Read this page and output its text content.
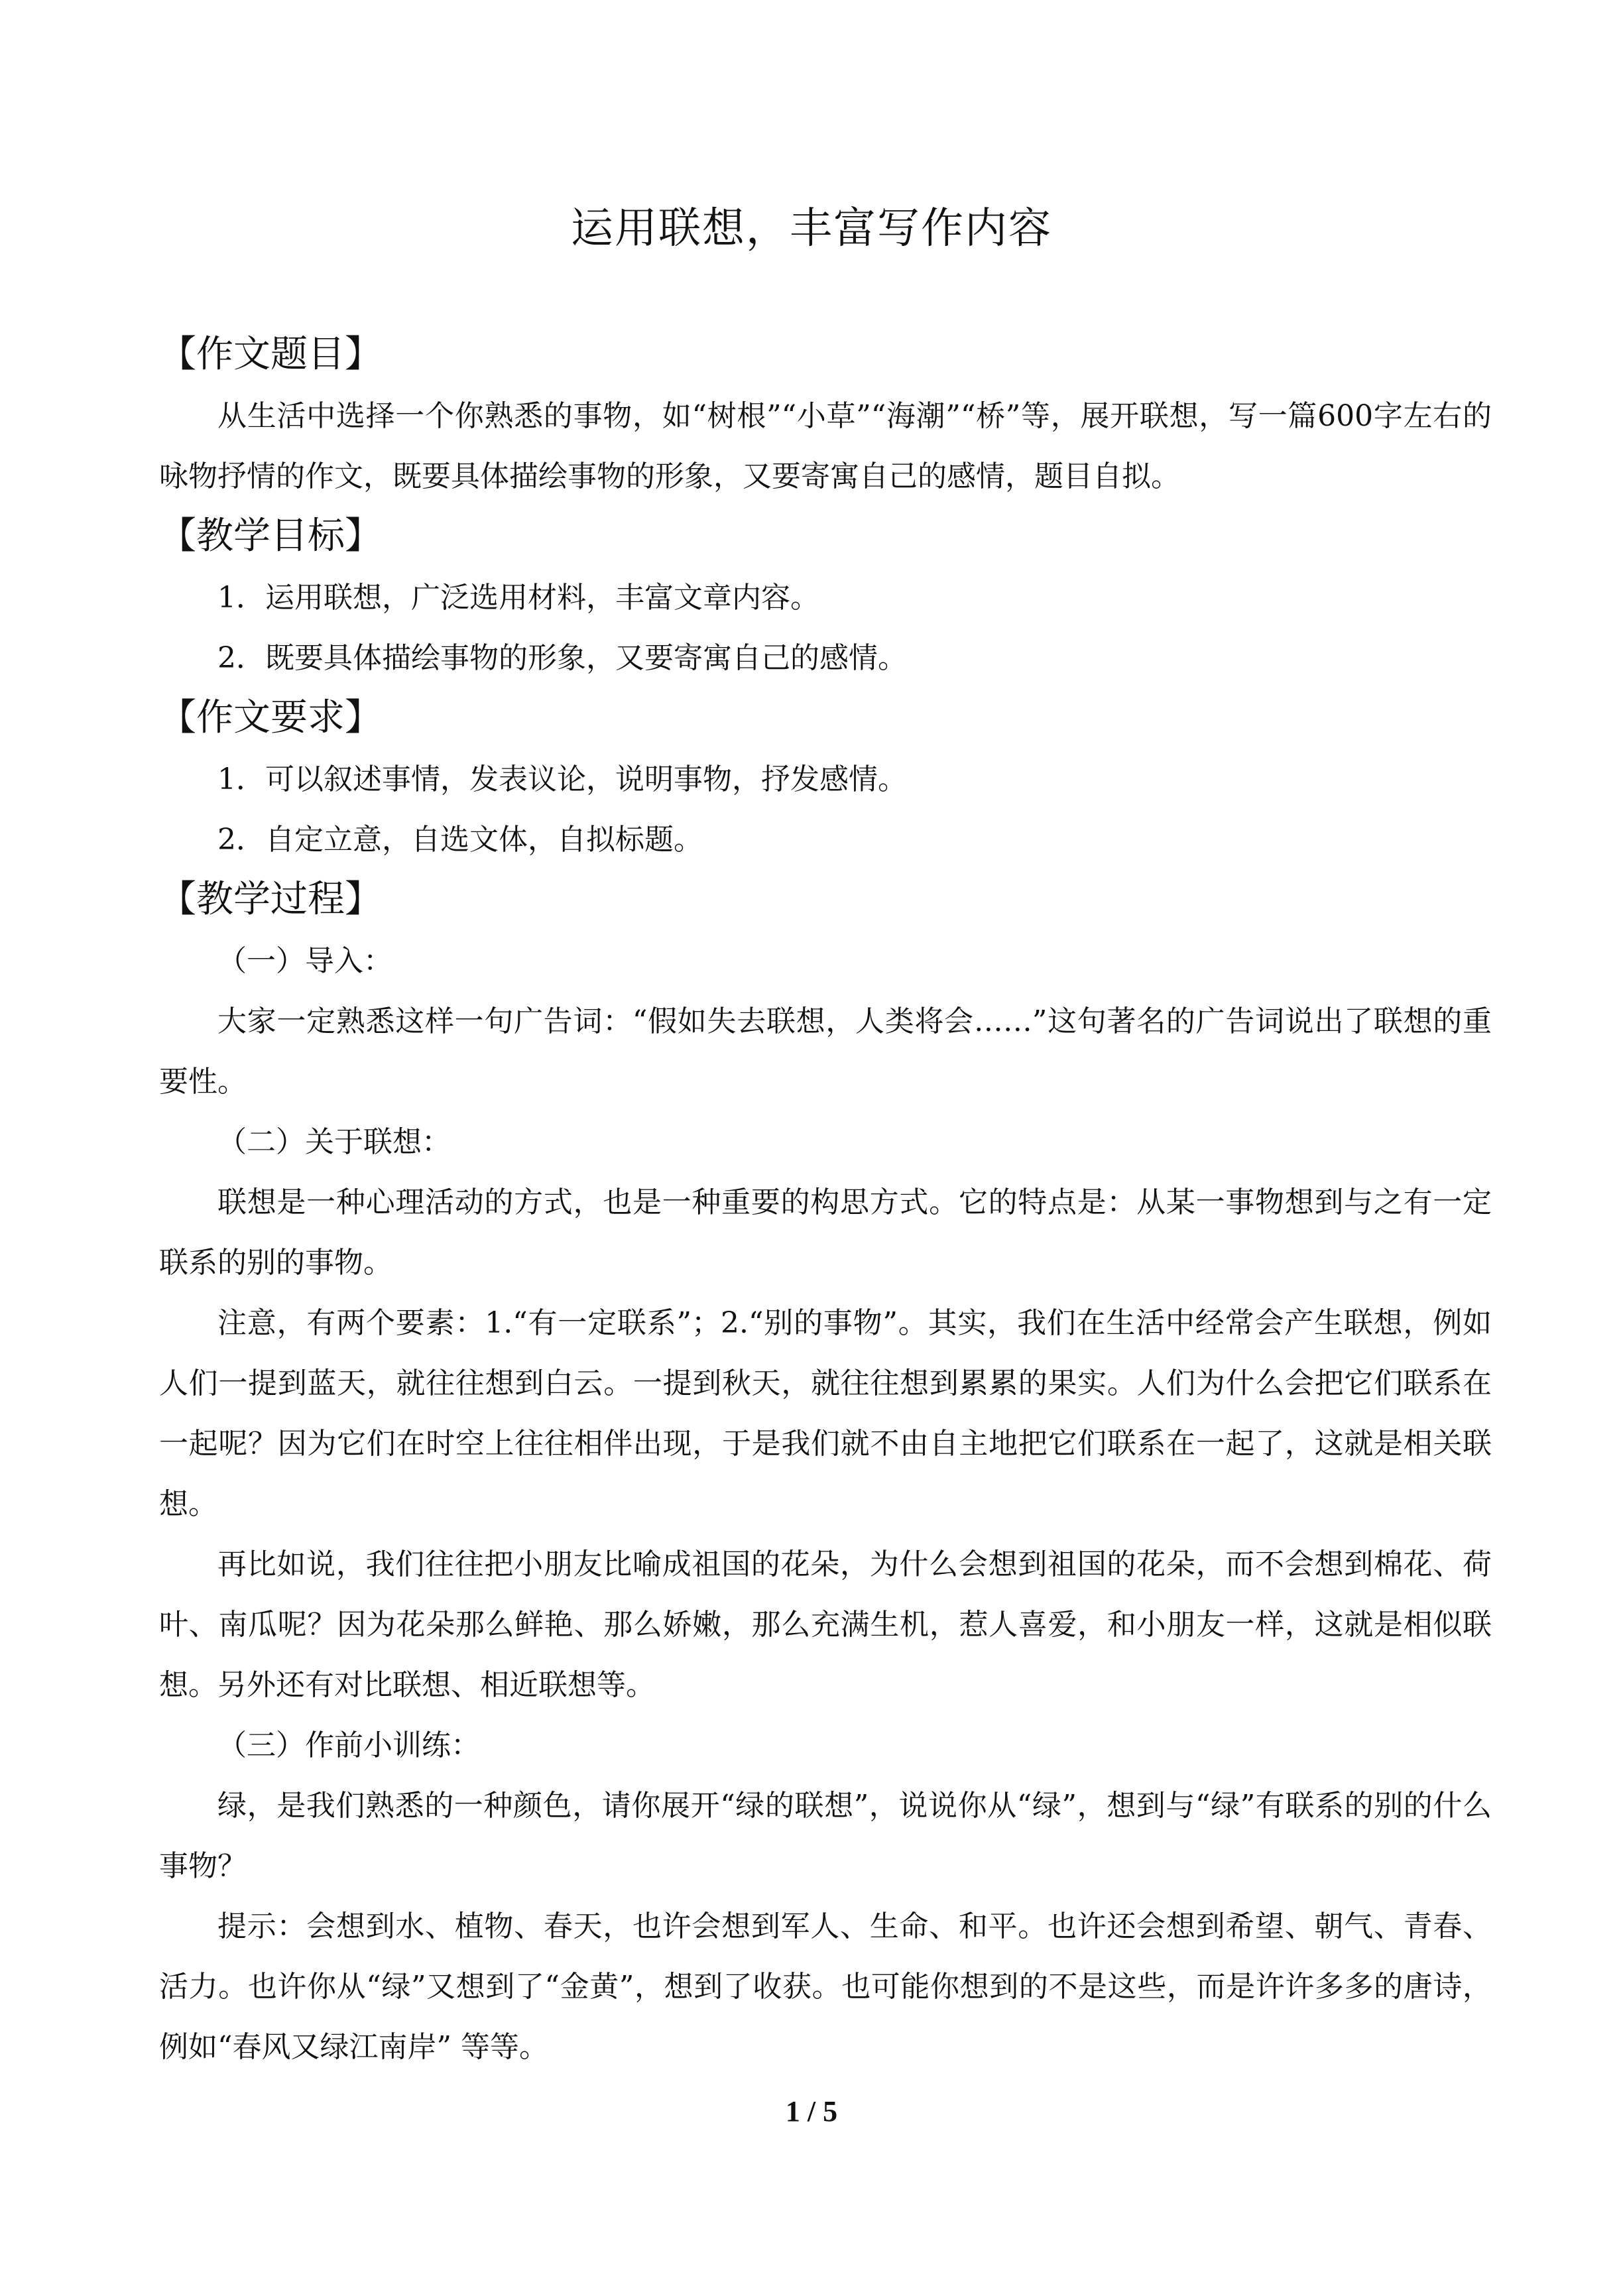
运用联想，丰富写作内容
【作文题目】

从生活中选择一个你熟悉的事物，如“树根”“小草”“海潮”“桥”等，展开联想，写一篇600字左右的咏物抒情的作文，既要具体描绘事物的形象，又要寄寓自己的感情，题目自拟。

【教学目标】

1．运用联想，广泛选用材料，丰富文章内容。

2．既要具体描绘事物的形象，又要寄寓自己的感情。

【作文要求】

1．可以叙述事情，发表议论，说明事物，抒发感情。

2．自定立意，自选文体，自拟标题。

【教学过程】

（一）导入：

大家一定熟悉这样一句广告词：“假如失去联想，人类将会……”这句著名的广告词说出了联想的重要性。

（二）关于联想：

联想是一种心理活动的方式，也是一种重要的构思方式。它的特点是：从某一事物想到与之有一定联系的别的事物。

注意，有两个要素：1.“有一定联系”；2.“别的事物”。其实，我们在生活中经常会产生联想，例如人们一提到蓝天，就往往想到白云。一提到秋天，就往往想到累累的果实。人们为什么会把它们联系在一起呢？因为它们在时空上往往相伴出现，于是我们就不由自主地把它们联系在一起了，这就是相关联想。

再比如说，我们往往把小朋友比喻成祖国的花朵，为什么会想到祖国的花朵，而不会想到棉花、荷叶、南瓜呢？因为花朵那么鲜艳、那么娇嫩，那么充满生机，惹人喜爱，和小朋友一样，这就是相似联想。另外还有对比联想、相近联想等。

（三）作前小训练：

绿，是我们熟悉的一种颜色，请你展开“绿的联想”，说说你从“绿”，想到与“绿”有联系的别的什么事物？

提示：会想到水、植物、春天，也许会想到军人、生命、和平。也许还会想到希望、朝气、青春、活力。也许你从“绿”又想到了“金黄”，想到了收获。也可能你想到的不是这些，而是许许多多的唐诗，例如“春风又绿江南岸” 等等。

1 / 5
